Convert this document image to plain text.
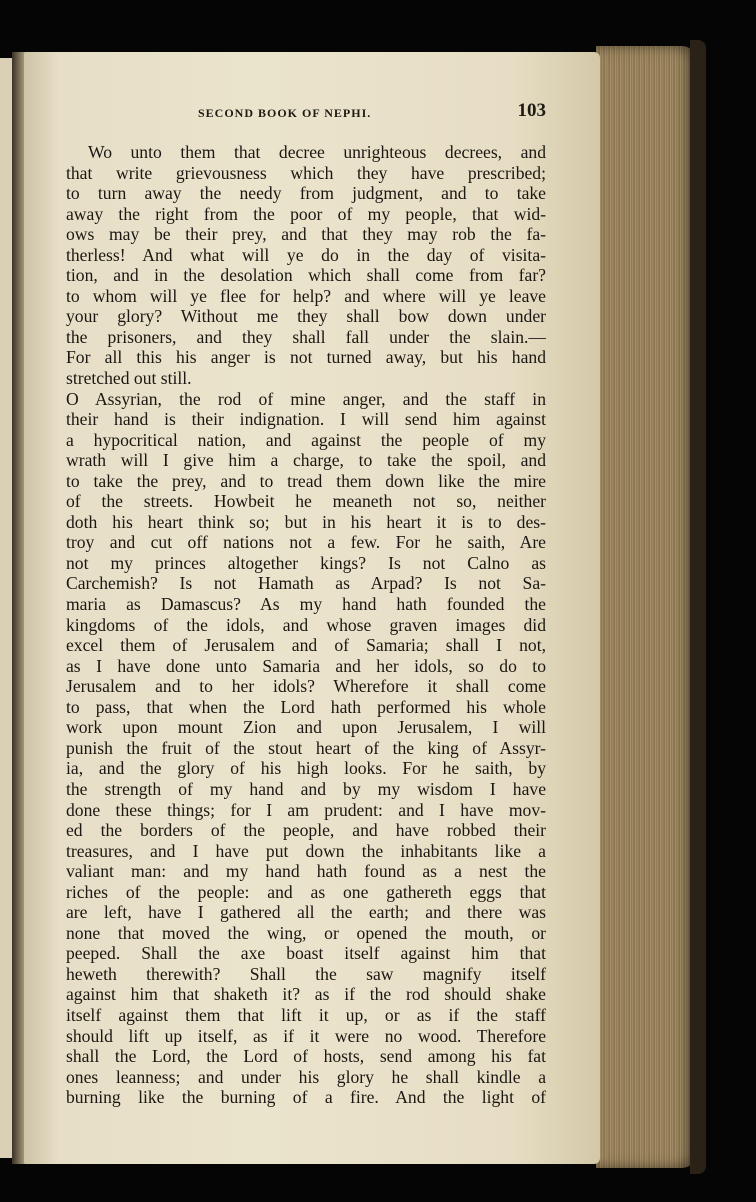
SECOND BOOK OF NEPHI.	103
Wo unto them that decree unrighteous decrees, and
that write grievousness which they have prescribed;
to turn away the needy from judgment, and to take
away the right from the poor of my people, that wid-
ows may be their prey, and that they may rob the fa-
therless! And what will ye do in the day of visita-
tion, and in the desolation which shall come from far?
to whom will ye flee for help? and where will ye leave
your glory? Without me they shall bow down under
the prisoners, and they shall fall under the slain.—
For all this his anger is not turned away, but his hand
stretched out still.
O Assyrian, the rod of mine anger, and the staff in
their hand is their indignation. I will send him against
a hypocritical nation, and against the people of my
wrath will I give him a charge, to take the spoil, and
to take the prey, and to tread them down like the mire
of the streets. Howbeit he meaneth not so, neither
doth his heart think so; but in his heart it is to des-
troy and cut off nations not a few. For he saith, Are
not my princes altogether kings? Is not Calno as
Carchemish? Is not Hamath as Arpad? Is not Sa-
maria as Damascus? As my hand hath founded the
kingdoms of the idols, and whose graven images did
excel them of Jerusalem and of Samaria; shall I not,
as I have done unto Samaria and her idols, so do to
Jerusalem and to her idols? Wherefore it shall come
to pass, that when the Lord hath performed his whole
work upon mount Zion and upon Jerusalem, I will
punish the fruit of the stout heart of the king of Assyr-
ia, and the glory of his high looks. For he saith, by
the strength of my hand and by my wisdom I have
done these things; for I am prudent: and I have mov-
ed the borders of the people, and have robbed their
treasures, and I have put down the inhabitants like a
valiant man: and my hand hath found as a nest the
riches of the people: and as one gathereth eggs that
are left, have I gathered all the earth; and there was
none that moved the wing, or opened the mouth, or
peeped. Shall the axe boast itself against him that
heweth therewith? Shall the saw magnify itself
against him that shaketh it? as if the rod should shake
itself against them that lift it up, or as if the staff
should lift up itself, as if it were no wood. Therefore
shall the Lord, the Lord of hosts, send among his fat
ones leanness; and under his glory he shall kindle a
burning like the burning of a fire. And the light of
